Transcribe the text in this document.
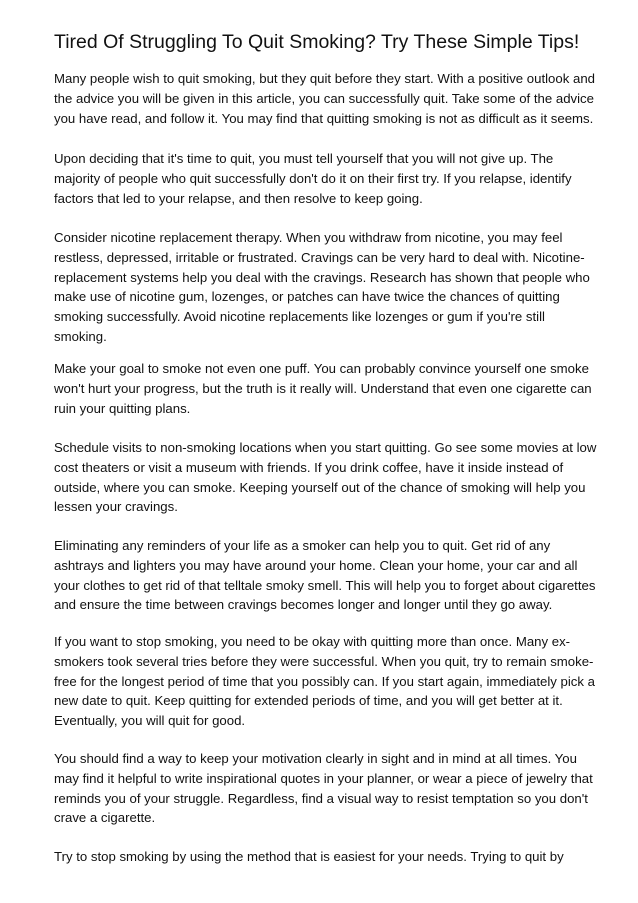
Tired Of Struggling To Quit Smoking? Try These Simple Tips!

Many people wish to quit smoking, but they quit before they start. With a positive outlook and
the advice you will be given in this article, you can successfully quit. Take some of the advice
you have read, and follow it. You may find that quitting smoking is not as difficult as it seems.

Upon deciding that it's time to quit, you must tell yourself that you will not give up. The
majority of people who quit successfully don't do it on their first try. If you relapse, identify
factors that led to your relapse, and then resolve to keep going.

Consider nicotine replacement therapy. When you withdraw from nicotine, you may feel
restless, depressed, irritable or frustrated. Cravings can be very hard to deal with. Nicotine-
replacement systems help you deal with the cravings. Research has shown that people who
make use of nicotine gum, lozenges, or patches can have twice the chances of quitting
smoking successfully. Avoid nicotine replacements like lozenges or gum if you're still
smoking.

Make your goal to smoke not even one puff. You can probably convince yourself one smoke
won't hurt your progress, but the truth is it really will. Understand that even one cigarette can
ruin your quitting plans.

Schedule visits to non-smoking locations when you start quitting. Go see some movies at low
cost theaters or visit a museum with friends. If you drink coffee, have it inside instead of
outside, where you can smoke. Keeping yourself out of the chance of smoking will help you
lessen your cravings.

Eliminating any reminders of your life as a smoker can help you to quit. Get rid of any
ashtrays and lighters you may have around your home. Clean your home, your car and all
your clothes to get rid of that telltale smoky smell. This will help you to forget about cigarettes
and ensure the time between cravings becomes longer and longer until they go away.

If you want to stop smoking, you need to be okay with quitting more than once. Many ex-
smokers took several tries before they were successful. When you quit, try to remain smoke-
free for the longest period of time that you possibly can. If you start again, immediately pick a
new date to quit. Keep quitting for extended periods of time, and you will get better at it.
Eventually, you will quit for good.

You should find a way to keep your motivation clearly in sight and in mind at all times. You
may find it helpful to write inspirational quotes in your planner, or wear a piece of jewelry that
reminds you of your struggle. Regardless, find a visual way to resist temptation so you don't
crave a cigarette.

Try to stop smoking by using the method that is easiest for your needs. Trying to quit by
